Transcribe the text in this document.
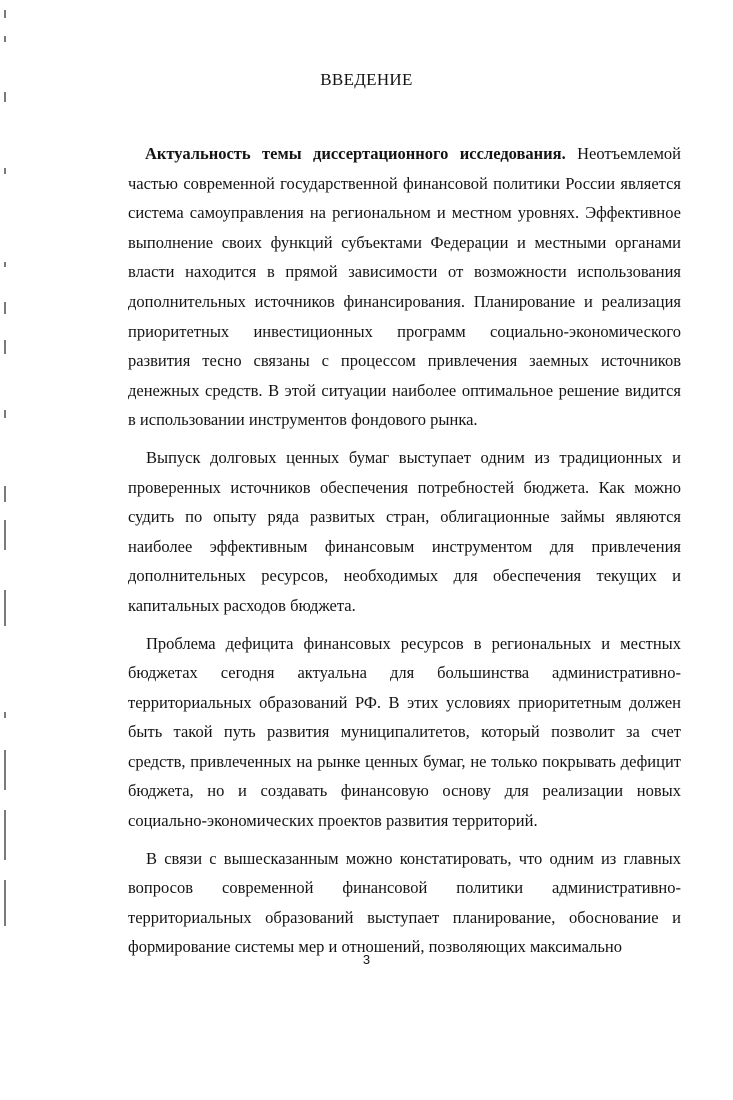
ВВЕДЕНИЕ

Актуальность темы диссертационного исследования. Неотъемлемой частью современной государственной финансовой политики России является система самоуправления на региональном и местном уровнях. Эффективное выполнение своих функций субъектами Федерации и местными органами власти находится в прямой зависимости от возможности использования дополнительных источников финансирования. Планирование и реализация приоритетных инвестиционных программ социально-экономического развития тесно связаны с процессом привлечения заемных источников денежных средств. В этой ситуации наиболее оптимальное решение видится в использовании инструментов фондового рынка.

Выпуск долговых ценных бумаг выступает одним из традиционных и проверенных источников обеспечения потребностей бюджета. Как можно судить по опыту ряда развитых стран, облигационные займы являются наиболее эффективным финансовым инструментом для привлечения дополнительных ресурсов, необходимых для обеспечения текущих и капитальных расходов бюджета.

Проблема дефицита финансовых ресурсов в региональных и местных бюджетах сегодня актуальна для большинства административно-территориальных образований РФ. В этих условиях приоритетным должен быть такой путь развития муниципалитетов, который позволит за счет средств, привлеченных на рынке ценных бумаг, не только покрывать дефицит бюджета, но и создавать финансовую основу для реализации новых социально-экономических проектов развития территорий.

В связи с вышесказанным можно констатировать, что одним из главных вопросов современной финансовой политики административно-территориальных образований выступает планирование, обоснование и формирование системы мер и отношений, позволяющих максимально

3
